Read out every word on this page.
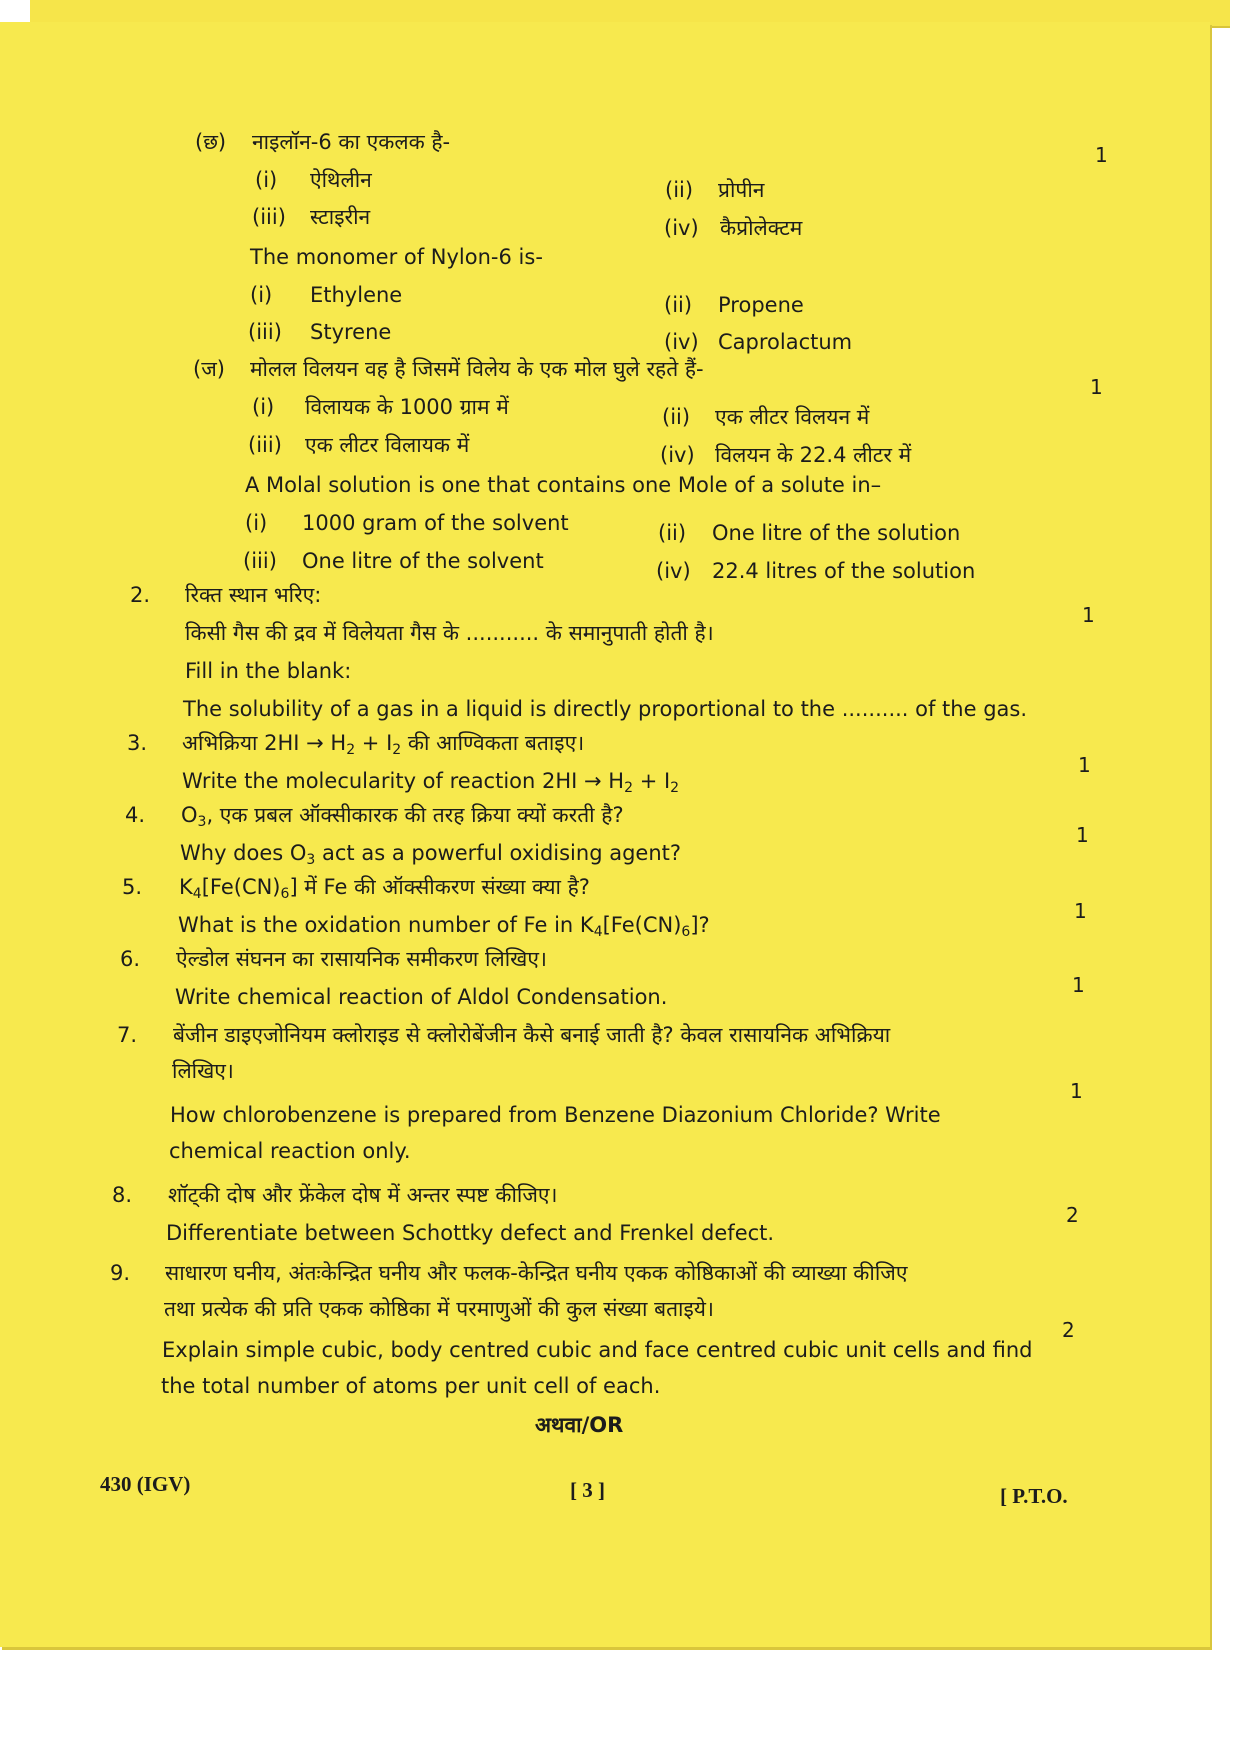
(छ) नाइलॉन-6 का एकलक है-
1
(i) ऐथिलीन	(ii) प्रोपीन
(iii) स्टाइरीन	(iv) कैप्रोलेक्टम
The monomer of Nylon-6 is-
(i) Ethylene	(ii) Propene
(iii) Styrene	(iv) Caprolactum
(ज) मोलल विलयन वह है जिसमें विलेय के एक मोल घुले रहते हैं-
1
(i) विलायक के 1000 ग्राम में	(ii) एक लीटर विलयन में
(iii) एक लीटर विलायक में	(iv) विलयन के 22.4 लीटर में
A Molal solution is one that contains one Mole of a solute in–
(i) 1000 gram of the solvent	(ii) One litre of the solution
(iii) One litre of the solvent	(iv) 22.4 litres of the solution
2. रिक्त स्थान भरिए:
किसी गैस की द्रव में विलेयता गैस के ........... के समानुपाती होती है।
1
Fill in the blank:
The solubility of a gas in a liquid is directly proportional to the .......... of the gas.
3. अभिक्रिया $2HI \to H_2 + I_2$ की आण्विकता बताइए।
1
Write the molecularity of reaction $2HI \to H_2 + I_2$
4. $O_3$, एक प्रबल ऑक्सीकारक की तरह क्रिया क्यों करती है?
1
Why does $O_3$ act as a powerful oxidising agent?
5. $K_4[Fe(CN)_6]$ में Fe की ऑक्सीकरण संख्या क्या है?
1
What is the oxidation number of Fe in $K_4[Fe(CN)_6]$?
6. ऐल्डोल संघनन का रासायनिक समीकरण लिखिए।
1
Write chemical reaction of Aldol Condensation.
7. बेंजीन डाइएजोनियम क्लोराइड से क्लोरोबेंजीन कैसे बनाई जाती है? केवल रासायनिक अभिक्रिया
लिखिए।
1
How chlorobenzene is prepared from Benzene Diazonium Chloride? Write
chemical reaction only.
8. शॉट्की दोष और फ्रेंकेल दोष में अन्तर स्पष्ट कीजिए।
2
Differentiate between Schottky defect and Frenkel defect.
9. साधारण घनीय, अंतःकेन्द्रित घनीय और फलक-केन्द्रित घनीय एकक कोष्ठिकाओं की व्याख्या कीजिए
तथा प्रत्येक की प्रति एकक कोष्ठिका में परमाणुओं की कुल संख्या बताइये।
2
Explain simple cubic, body centred cubic and face centred cubic unit cells and find
the total number of atoms per unit cell of each.
अथवा/OR
430 (IGV)	[ 3 ]	[ P.T.O.
